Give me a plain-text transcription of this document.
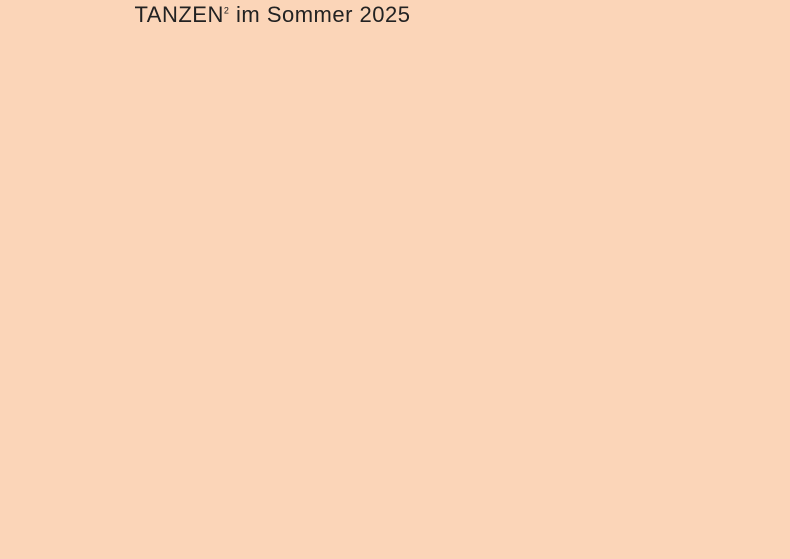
TANZEN$^2$ im Sommer 2025
